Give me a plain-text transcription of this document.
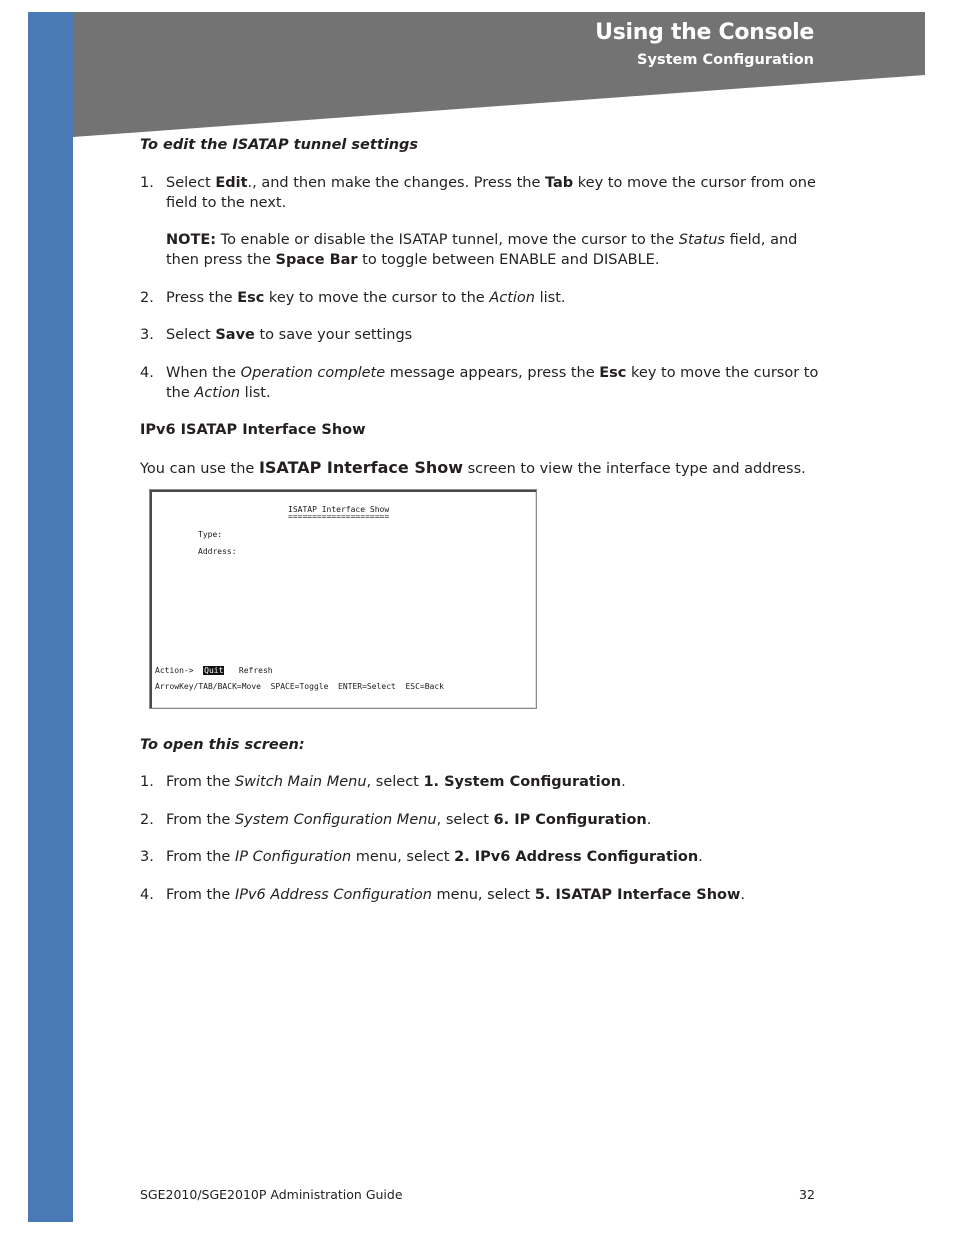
Using the Console
System Configuration
To edit the ISATAP tunnel settings
1. Select Edit., and then make the changes. Press the Tab key to move the cursor from one field to the next.
NOTE: To enable or disable the ISATAP tunnel, move the cursor to the Status field, and then press the Space Bar to toggle between ENABLE and DISABLE.
2. Press the Esc key to move the cursor to the Action list.
3. Select Save to save your settings
4. When the Operation complete message appears, press the Esc key to move the cursor to the Action list.
IPv6 ISATAP Interface Show
You can use the ISATAP Interface Show screen to view the interface type and address.
To open this screen:
1. From the Switch Main Menu, select 1. System Configuration.
2. From the System Configuration Menu, select 6. IP Configuration.
3. From the IP Configuration menu, select 2. IPv6 Address Configuration.
4. From the IPv6 Address Configuration menu, select 5. ISATAP Interface Show.
ISATAP Interface Show
=====================
Type:
Address:
Action-> Quit Refresh
ArrowKey/TAB/BACK=Move  SPACE=Toggle  ENTER=Select  ESC=Back
SGE2010/SGE2010P Administration Guide	32
